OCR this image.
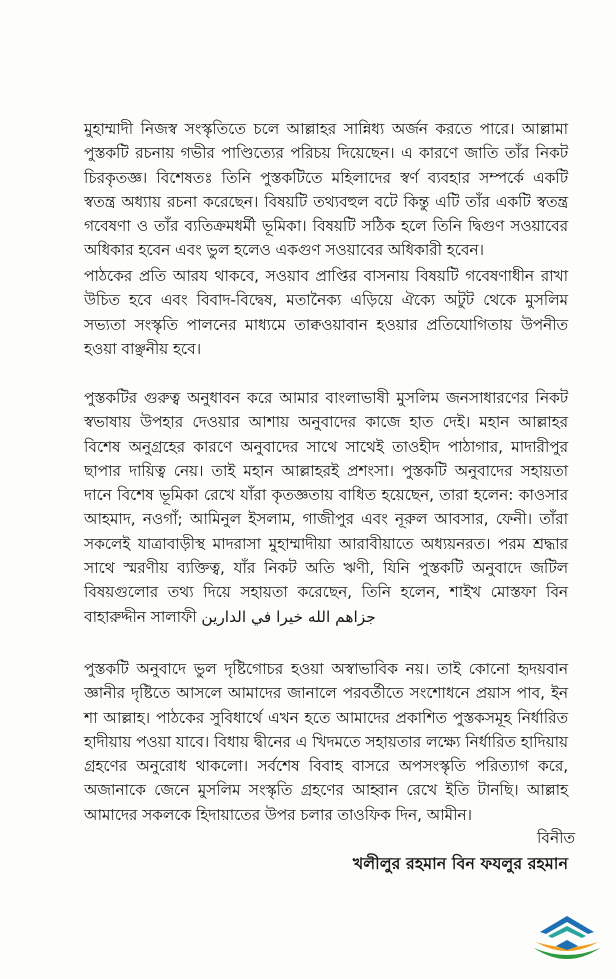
মুহাম্মাদী নিজস্ব সংস্কৃতিতে চলে আল্লাহর সান্নিধ্য অর্জন করতে পারে। আল্লামা পুস্তকটি রচনায় গভীর পাণ্ডিত্যের পরিচয় দিয়েছেন। এ কারণে জাতি তাঁর নিকট চিরকৃতজ্ঞ। বিশেষতঃ তিনি পুস্তকটিতে মহিলাদের স্বর্ণ ব্যবহার সম্পর্কে একটি স্বতন্ত্র অধ্যায় রচনা করেছেন। বিষয়টি তথ্যবহুল বটে কিন্তু এটি তাঁর একটি স্বতন্ত্র গবেষণা ও তাঁর ব্যতিক্রমধর্মী ভূমিকা। বিষয়টি সঠিক হলে তিনি দ্বিগুণ সওয়াবের অধিকার হবেন এবং ভুল হলেও একগুণ সওয়াবের অধিকারী হবেন।
পাঠকের প্রতি আরয থাকবে, সওয়াব প্রাপ্তির বাসনায় বিষয়টি গবেষণাধীন রাখা উচিত হবে এবং বিবাদ-বিদ্বেষ, মতানৈক্য এড়িয়ে ঐক্যে অটুট থেকে মুসলিম সভ্যতা সংস্কৃতি পালনের মাধ্যমে তাক্বওয়াবান হওয়ার প্রতিযোগিতায় উপনীত হওয়া বাঞ্ছনীয় হবে।
পুস্তকটির গুরুত্ব অনুধাবন করে আমার বাংলাভাষী মুসলিম জনসাধারণের নিকট স্বভাষায় উপহার দেওয়ার আশায় অনুবাদের কাজে হাত দেই। মহান আল্লাহর বিশেষ অনুগ্রহের কারণে অনুবাদের সাথে সাথেই তাওহীদ পাঠাগার, মাদারীপুর ছাপার দায়িত্ব নেয়। তাই মহান আল্লাহরই প্রশংসা। পুস্তকটি অনুবাদের সহায়তা দানে বিশেষ ভূমিকা রেখে যাঁরা কৃতজ্ঞতায় বাধিত হয়েছেন, তারা হলেন: কাওসার আহমাদ, নওগাঁ; আমিনুল ইসলাম, গাজীপুর এবং নূরুল আবসার, ফেনী। তাঁরা সকলেই যাত্রাবাড়ীস্থ মাদরাসা মুহাম্মাদীয়া আরাবীয়াতে অধ্যয়নরত। পরম শ্রদ্ধার সাথে স্মরণীয় ব্যক্তিত্ব, যাঁর নিকট অতি ঋণী, যিনি পুস্তকটি অনুবাদে জটিল বিষয়গুলোর তথ্য দিয়ে সহায়তা করেছেন, তিনি হলেন, শাইখ মোস্তফা বিন বাহারুদ্দীন সালাফী جزاهم الله خيرا في الدارين
পুস্তকটি অনুবাদে ভুল দৃষ্টিগোচর হওয়া অস্বাভাবিক নয়। তাই কোনো হৃদয়বান জ্ঞানীর দৃষ্টিতে আসলে আমাদের জানালে পরবর্তীতে সংশোধনে প্রয়াস পাব, ইন শা আল্লাহ। পাঠকের সুবিধার্থে এখন হতে আমাদের প্রকাশিত পুস্তকসমূহ নির্ধারিত হাদীয়ায় পওয়া যাবে। বিধায় দ্বীনের এ খিদমতে সহায়তার লক্ষ্যে নির্ধারিত হাদিয়ায় গ্রহণের অনুরোধ থাকলো। সর্বশেষ বিবাহ বাসরে অপসংস্কৃতি পরিত্যাগ করে, অজানাকে জেনে মুসলিম সংস্কৃতি গ্রহণের আহ্বান রেখে ইতি টানছি। আল্লাহ আমাদের সকলকে হিদায়াতের উপর চলার তাওফিক দিন, আমীন।
বিনীত
খলীলুর রহমান বিন ফযলুর রহমান
